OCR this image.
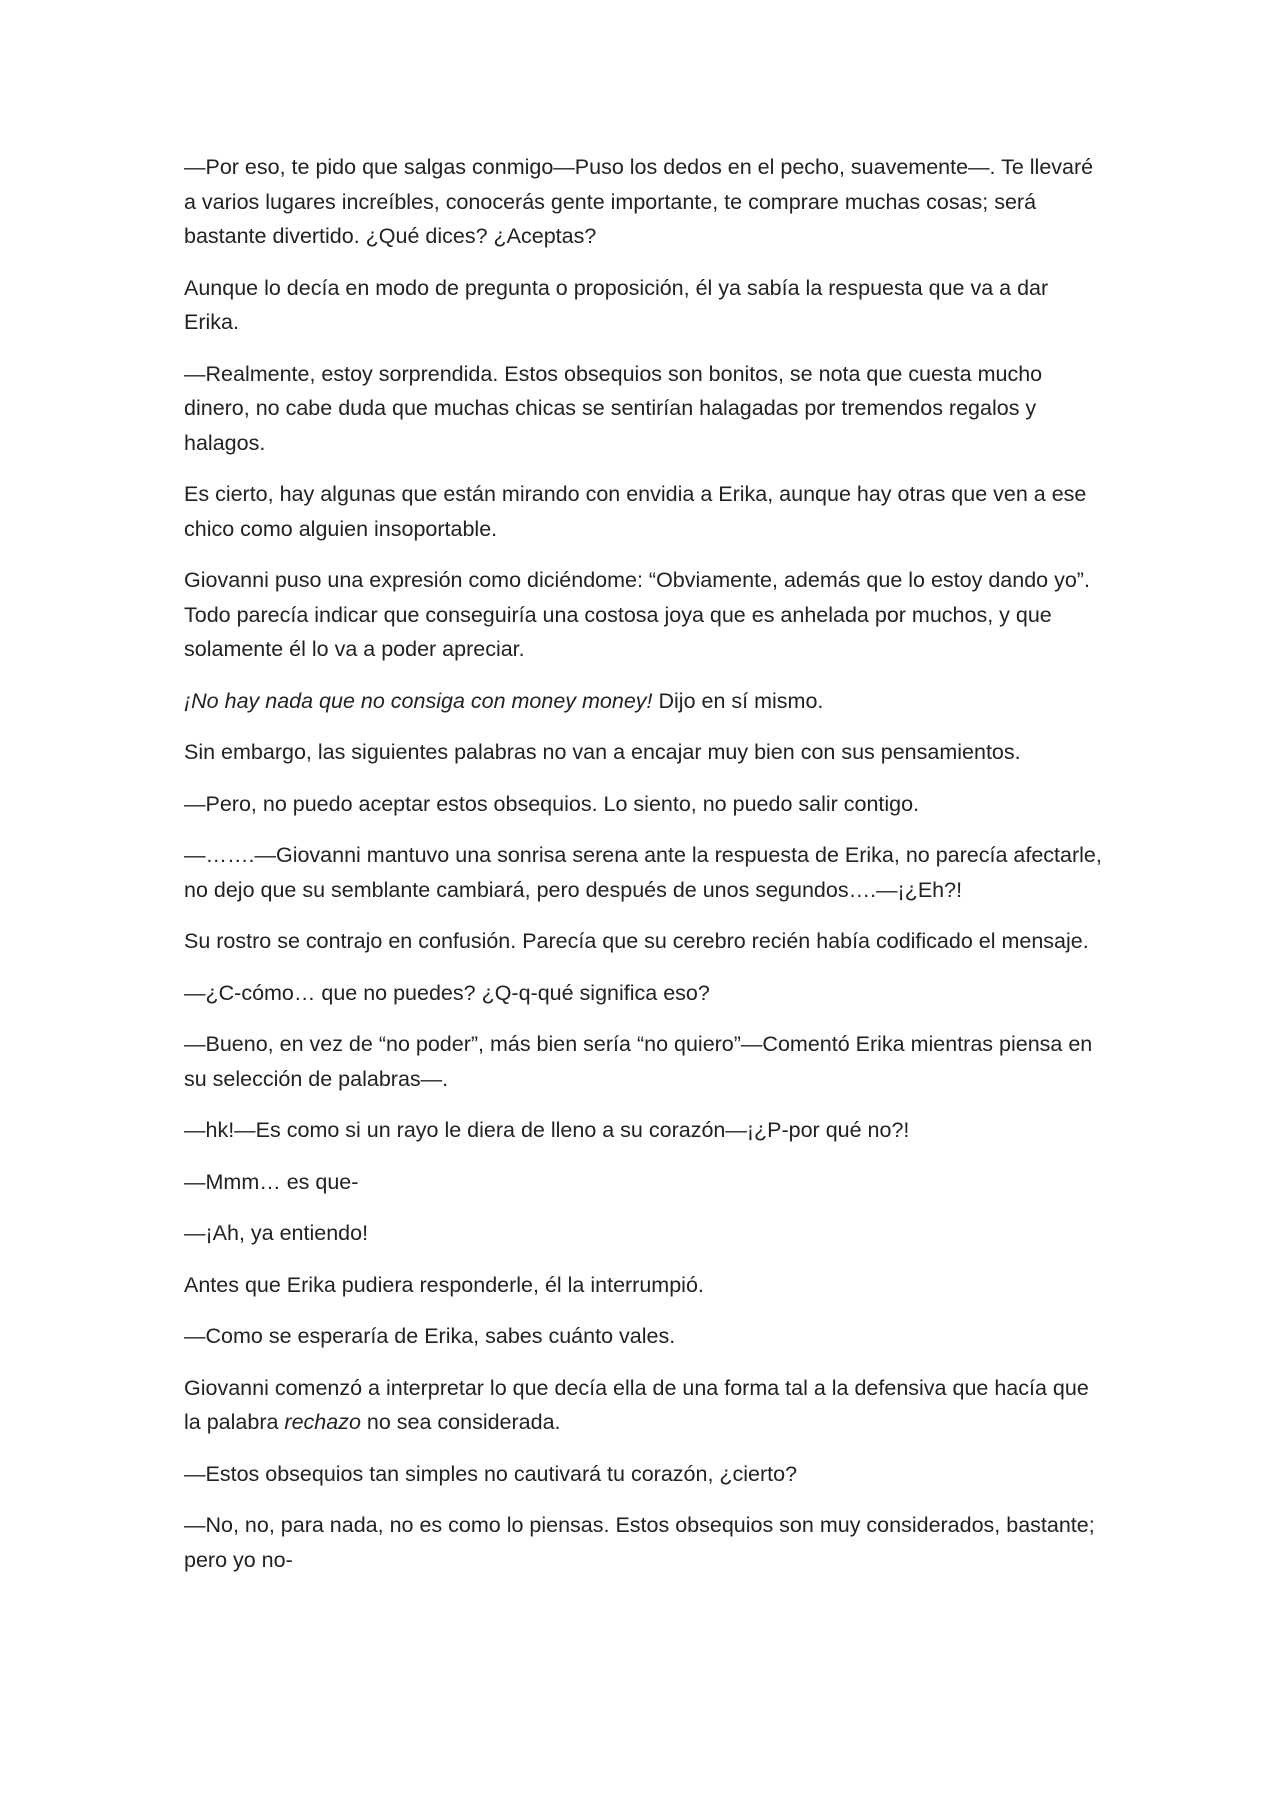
—Por eso, te pido que salgas conmigo—Puso los dedos en el pecho, suavemente—. Te llevaré a varios lugares increíbles, conocerás gente importante, te comprare muchas cosas; será bastante divertido. ¿Qué dices? ¿Aceptas?

Aunque lo decía en modo de pregunta o proposición, él ya sabía la respuesta que va a dar Erika.

—Realmente, estoy sorprendida. Estos obsequios son bonitos, se nota que cuesta mucho dinero, no cabe duda que muchas chicas se sentirían halagadas por tremendos regalos y halagos.

Es cierto, hay algunas que están mirando con envidia a Erika, aunque hay otras que ven a ese chico como alguien insoportable.

Giovanni puso una expresión como diciéndome: “Obviamente, además que lo estoy dando yo”. Todo parecía indicar que conseguiría una costosa joya que es anhelada por muchos, y que solamente él lo va a poder apreciar.

¡No hay nada que no consiga con money money! Dijo en sí mismo.

Sin embargo, las siguientes palabras no van a encajar muy bien con sus pensamientos.

—Pero, no puedo aceptar estos obsequios. Lo siento, no puedo salir contigo.

—…….—Giovanni mantuvo una sonrisa serena ante la respuesta de Erika, no parecía afectarle, no dejo que su semblante cambiará, pero después de unos segundos….—¡¿Eh?!

Su rostro se contrajo en confusión. Parecía que su cerebro recién había codificado el mensaje.

—¿C-cómo… que no puedes? ¿Q-q-qué significa eso?

—Bueno, en vez de “no poder”, más bien sería “no quiero”—Comentó Erika mientras piensa en su selección de palabras—.

—hk!—Es como si un rayo le diera de lleno a su corazón—¡¿P-por qué no?!

—Mmm… es que-

—¡Ah, ya entiendo!

Antes que Erika pudiera responderle, él la interrumpió.

—Como se esperaría de Erika, sabes cuánto vales.

Giovanni comenzó a interpretar lo que decía ella de una forma tal a la defensiva que hacía que la palabra rechazo no sea considerada.

—Estos obsequios tan simples no cautivará tu corazón, ¿cierto?

—No, no, para nada, no es como lo piensas. Estos obsequios son muy considerados, bastante; pero yo no-
